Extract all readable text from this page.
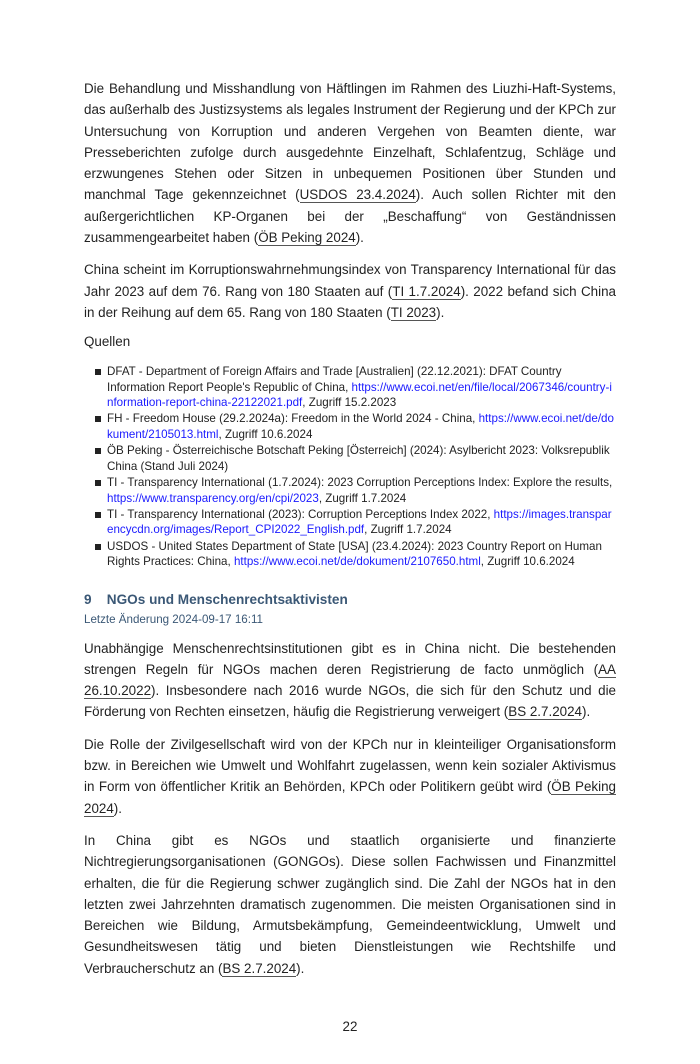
Die Behandlung und Misshandlung von Häftlingen im Rahmen des Liuzhi-Haft-Systems, das außerhalb des Justizsystems als legales Instrument der Regierung und der KPCh zur Untersuchung von Korruption und anderen Vergehen von Beamten diente, war Presseberichten zufolge durch ausgedehnte Einzelhaft, Schlafentzug, Schläge und erzwungenes Stehen oder Sitzen in unbequemen Positionen über Stunden und manchmal Tage gekennzeichnet (USDOS 23.4.2024). Auch sollen Richter mit den außergerichtlichen KP-Organen bei der „Beschaffung“ von Geständnissen zusammengearbeitet haben (ÖB Peking 2024).

China scheint im Korruptionswahrnehmungsindex von Transparency International für das Jahr 2023 auf dem 76. Rang von 180 Staaten auf (TI 1.7.2024). 2022 befand sich China in der Reihung auf dem 65. Rang von 180 Staaten (TI 2023).

Quellen
DFAT - Department of Foreign Affairs and Trade [Australien] (22.12.2021): DFAT Country Information Report People's Republic of China, https://www.ecoi.net/en/file/local/2067346/country-information-report-china-22122021.pdf, Zugriff 15.2.2023
FH - Freedom House (29.2.2024a): Freedom in the World 2024 - China, https://www.ecoi.net/de/dokument/2105013.html, Zugriff 10.6.2024
ÖB Peking - Österreichische Botschaft Peking [Österreich] (2024): Asylbericht 2023: Volksrepublik China (Stand Juli 2024)
TI - Transparency International (1.7.2024): 2023 Corruption Perceptions Index: Explore the results, https://www.transparency.org/en/cpi/2023, Zugriff 1.7.2024
TI - Transparency International (2023): Corruption Perceptions Index 2022, https://images.transparencycdn.org/images/Report_CPI2022_English.pdf, Zugriff 1.7.2024
USDOS - United States Department of State [USA] (23.4.2024): 2023 Country Report on Human Rights Practices: China, https://www.ecoi.net/de/dokument/2107650.html, Zugriff 10.6.2024
9 NGOs und Menschenrechtsaktivisten
Letzte Änderung 2024-09-17 16:11

Unabhängige Menschenrechtsinstitutionen gibt es in China nicht. Die bestehenden strengen Regeln für NGOs machen deren Registrierung de facto unmöglich (AA 26.10.2022). Insbesondere nach 2016 wurde NGOs, die sich für den Schutz und die Förderung von Rechten einsetzen, häufig die Registrierung verweigert (BS 2.7.2024).

Die Rolle der Zivilgesellschaft wird von der KPCh nur in kleinteiliger Organisationsform bzw. in Bereichen wie Umwelt und Wohlfahrt zugelassen, wenn kein sozialer Aktivismus in Form von öffentlicher Kritik an Behörden, KPCh oder Politikern geübt wird (ÖB Peking 2024).

In China gibt es NGOs und staatlich organisierte und finanzierte Nichtregierungsorganisationen (GONGOs). Diese sollen Fachwissen und Finanzmittel erhalten, die für die Regierung schwer zugänglich sind. Die Zahl der NGOs hat in den letzten zwei Jahrzehnten dramatisch zugenommen. Die meisten Organisationen sind in Bereichen wie Bildung, Armutsbekämpfung, Gemeindeentwicklung, Umwelt und Gesundheitswesen tätig und bieten Dienstleistungen wie Rechtshilfe und Verbraucherschutz an (BS 2.7.2024).

22
